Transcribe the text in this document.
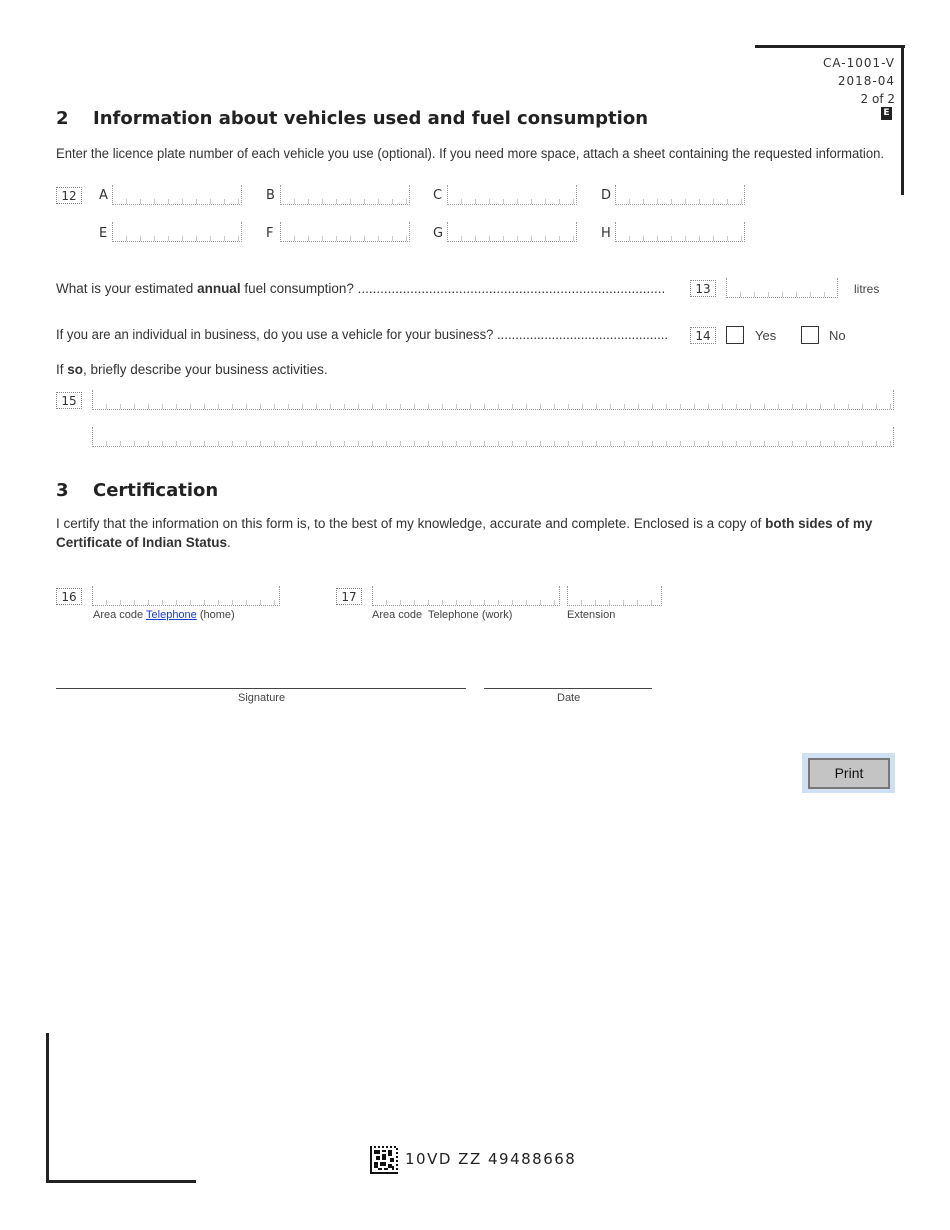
CA-1001-V
2018-04
2 of 2
E
2 Information about vehicles used and fuel consumption
Enter the licence plate number of each vehicle you use (optional). If you need more space, attach a sheet containing the requested information.
12	A	B	C	D
E	F	G	H
What is your estimated annual fuel consumption? ..................................................................................	13	litres
If you are an individual in business, do you use a vehicle for your business? ...............................................	14	Yes	No
If so, briefly describe your business activities.
15
3 Certification
I certify that the information on this form is, to the best of my knowledge, accurate and complete. Enclosed is a copy of both sides of my
Certificate of Indian Status.
16
Area code Telephone (home)
17
Area code Telephone (work)	Extension
Signature	Date
Print
10VD ZZ 49488668
